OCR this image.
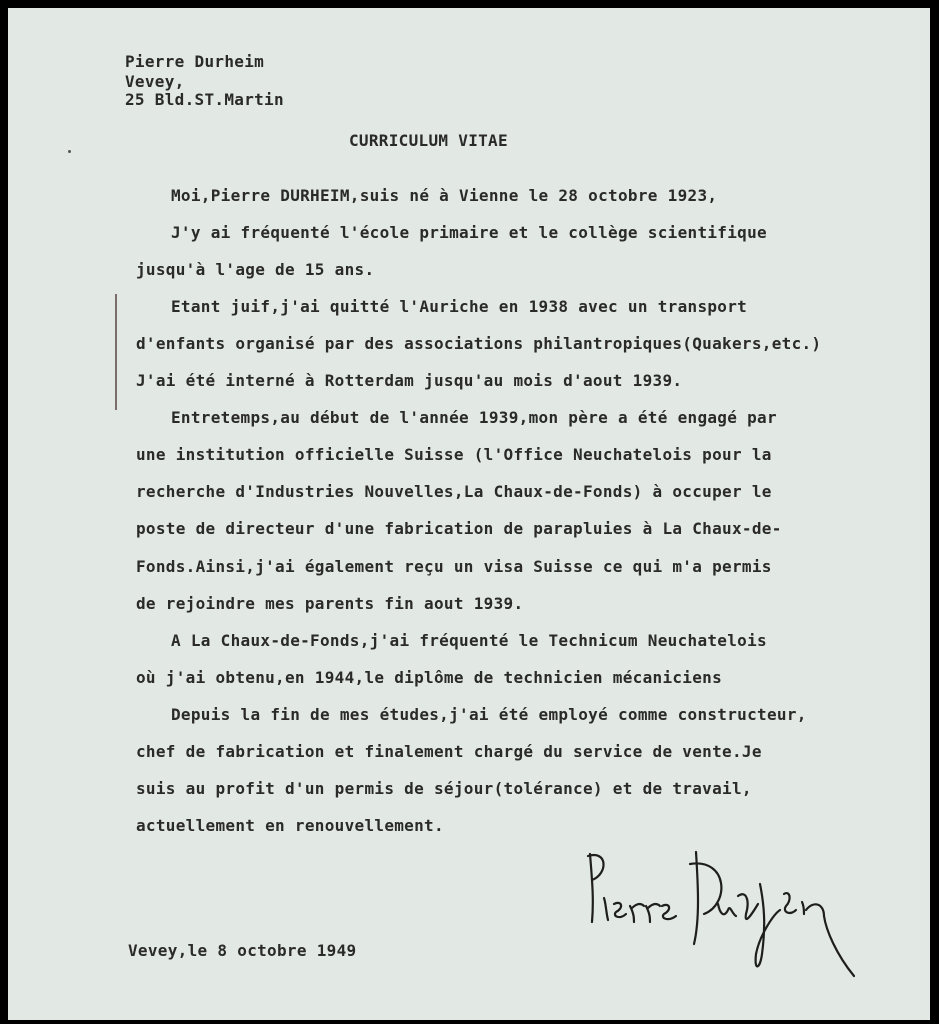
Pierre Durheim
Vevey,
25 Bld.ST.Martin
CURRICULUM VITAE
Moi,Pierre DURHEIM,suis né à Vienne le 28 octobre 1923,
J'y ai fréquenté l'école primaire et le collège scientifique
jusqu'à l'age de 15 ans.
Etant juif,j'ai quitté l'Auriche en 1938 avec un transport
d'enfants organisé par des associations philantropiques(Quakers,etc.)
J'ai été interné à Rotterdam jusqu'au mois d'aout 1939.
Entretemps,au début de l'année 1939,mon père a été engagé par
une institution officielle Suisse (l'Office Neuchatelois pour la
recherche d'Industries Nouvelles,La Chaux-de-Fonds) à occuper le
poste de directeur d'une fabrication de parapluies à La Chaux-de-
Fonds.Ainsi,j'ai également reçu un visa Suisse ce qui m'a permis
de rejoindre mes parents fin aout 1939.
A La Chaux-de-Fonds,j'ai fréquenté le Technicum Neuchatelois
où j'ai obtenu,en 1944,le diplôme de technicien mécaniciens
Depuis la fin de mes études,j'ai été employé comme constructeur,
chef de fabrication et finalement chargé du service de vente.Je
suis au profit d'un permis de séjour(tolérance) et de travail,
actuellement en renouvellement.
Vevey,le 8 octobre 1949
